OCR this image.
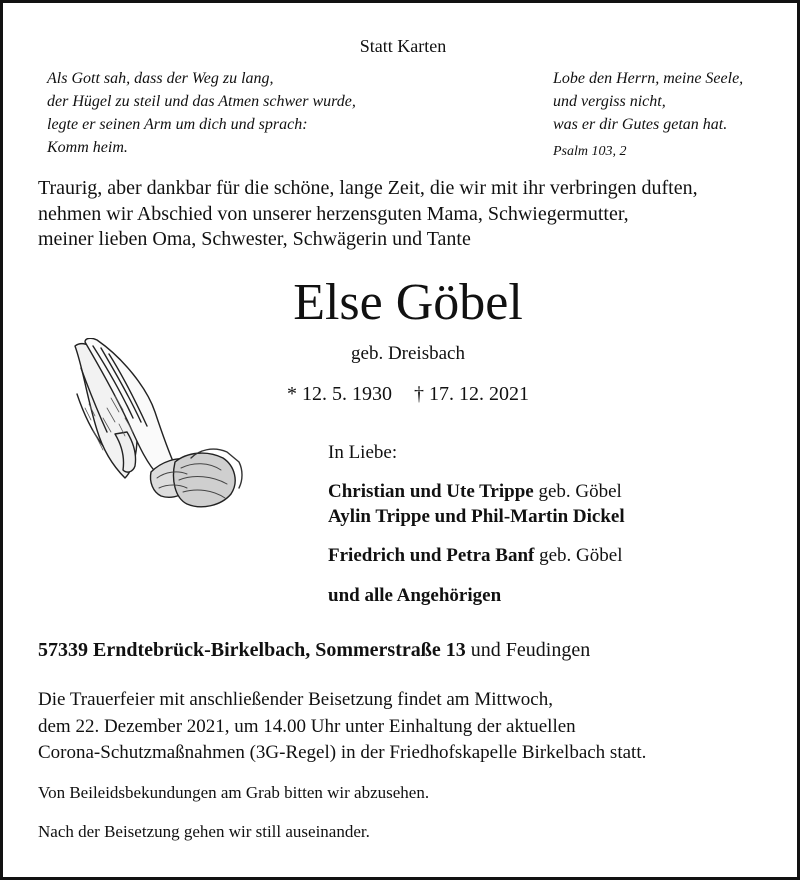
Statt Karten
Als Gott sah, dass der Weg zu lang,
der Hügel zu steil und das Atmen schwer wurde,
legte er seinen Arm um dich und sprach:
Komm heim.
Lobe den Herrn, meine Seele,
und vergiss nicht,
was er dir Gutes getan hat.
Psalm 103, 2
Traurig, aber dankbar für die schöne, lange Zeit, die wir mit ihr verbringen duften,
nehmen wir Abschied von unserer herzensguten Mama, Schwiegermutter,
meiner lieben Oma, Schwester, Schwägerin und Tante
Else Göbel
geb. Dreisbach
* 12. 5. 1930 † 17. 12. 2021
In Liebe:
Christian und Ute Trippe geb. Göbel
Aylin Trippe und Phil-Martin Dickel
Friedrich und Petra Banf geb. Göbel
und alle Angehörigen
57339 Erndtebrück-Birkelbach, Sommerstraße 13 und Feudingen
Die Trauerfeier mit anschließender Beisetzung findet am Mittwoch,
dem 22. Dezember 2021, um 14.00 Uhr unter Einhaltung der aktuellen
Corona-Schutzmaßnahmen (3G-Regel) in der Friedhofskapelle Birkelbach statt.
Von Beileidsbekundungen am Grab bitten wir abzusehen.
Nach der Beisetzung gehen wir still auseinander.
